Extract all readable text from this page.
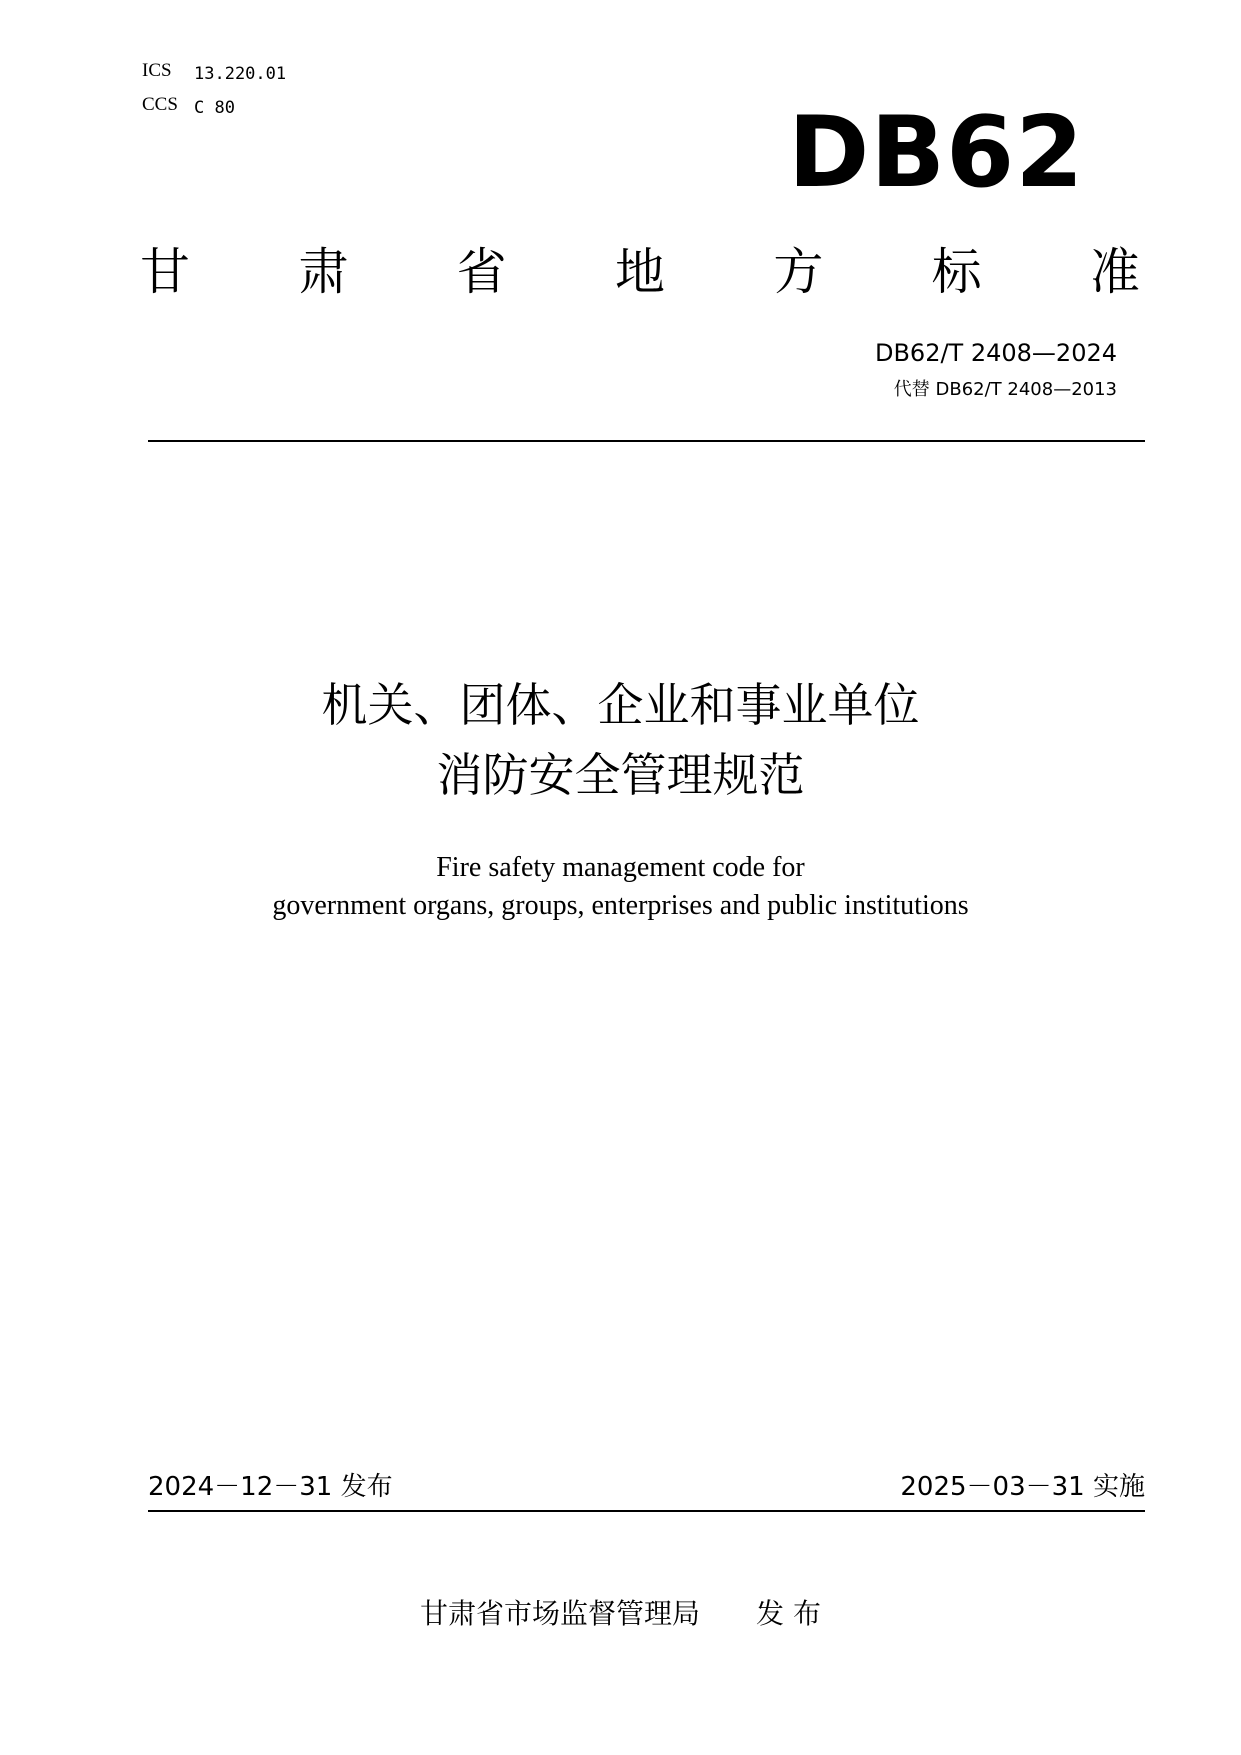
ICS 13.220.01
CCS C 80	DB62
甘 肃 省 地 方 标 准
DB62/T 2408—2024
代替 DB62/T 2408—2013
机关、团体、企业和事业单位
消防安全管理规范
Fire safety management code for
government organs, groups, enterprises and public institutions
2024－12－31 发布	2025－03－31 实施
甘肃省市场监督管理局 发 布
